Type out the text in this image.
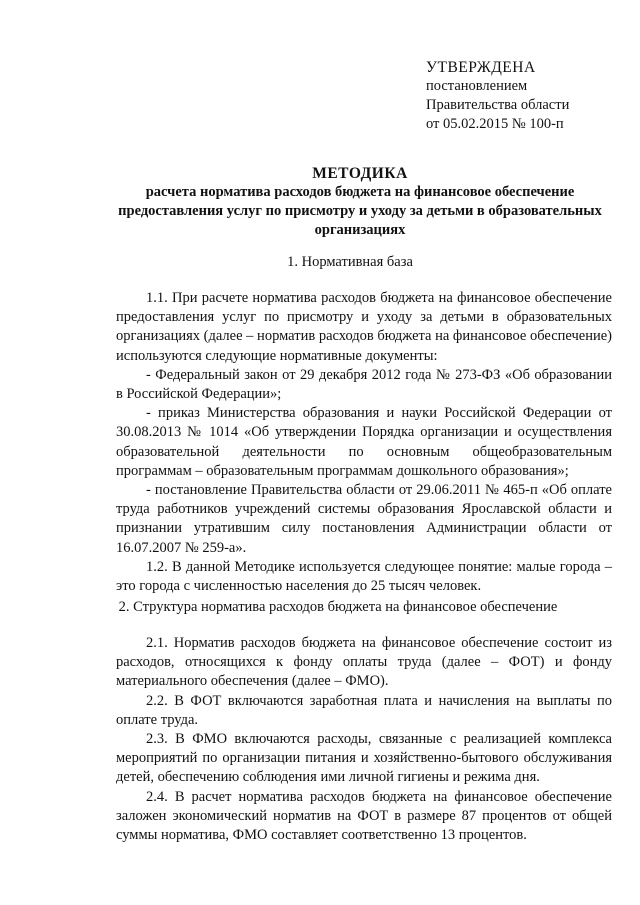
УТВЕРЖДЕНА
постановлением
Правительства области
от 05.02.2015 № 100-п
МЕТОДИКА
расчета норматива расходов бюджета на финансовое обеспечение предоставления услуг по присмотру и уходу за детьми в образовательных организациях
1. Нормативная база

1.1. При расчете норматива расходов бюджета на финансовое обеспечение предоставления услуг по присмотру и уходу за детьми в образовательных организациях (далее – норматив расходов бюджета на финансовое обеспечение) используются следующие нормативные документы:

- Федеральный закон от 29 декабря 2012 года № 273-ФЗ «Об образовании в Российской Федерации»;

- приказ Министерства образования и науки Российской Федерации от 30.08.2013 № 1014 «Об утверждении Порядка организации и осуществления образовательной деятельности по основным общеобразовательным программам – образовательным программам дошкольного образования»;

- постановление Правительства области от 29.06.2011 № 465-п «Об оплате труда работников учреждений системы образования Ярославской области и признании утратившим силу постановления Администрации области от 16.07.2007 № 259-а».

1.2. В данной Методике используется следующее понятие: малые города – это города с численностью населения до 25 тысяч человек.

2. Структура норматива расходов бюджета на финансовое обеспечение

2.1. Норматив расходов бюджета на финансовое обеспечение состоит из расходов, относящихся к фонду оплаты труда (далее – ФОТ) и фонду материального обеспечения (далее – ФМО).

2.2. В ФОТ включаются заработная плата и начисления на выплаты по оплате труда.

2.3. В ФМО включаются расходы, связанные с реализацией комплекса мероприятий по организации питания и хозяйственно-бытового обслуживания детей, обеспечению соблюдения ими личной гигиены и режима дня.

2.4. В расчет норматива расходов бюджета на финансовое обеспечение заложен экономический норматив на ФОТ в размере 87 процентов от общей суммы норматива, ФМО составляет соответственно 13 процентов.
